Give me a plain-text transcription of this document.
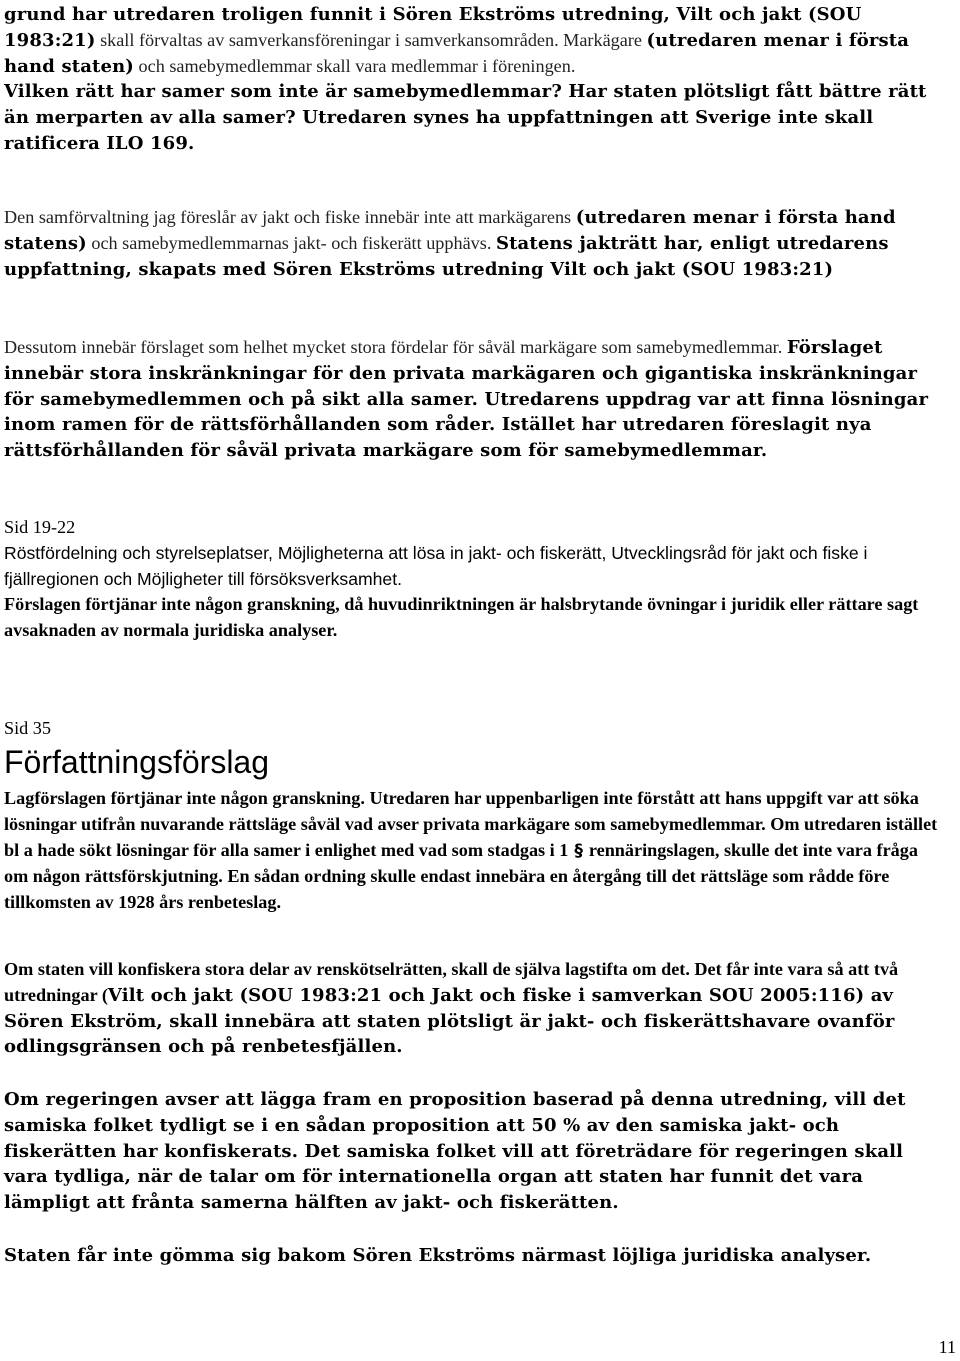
grund har utredaren troligen funnit i Sören Ekströms utredning, Vilt och jakt (SOU 1983:21) skall förvaltas av samverkansföreningar i samverkansområden. Markägare (utredaren menar i första hand staten) och samebymedlemmar skall vara medlemmar i föreningen.
Vilken rätt har samer som inte är samebymedlemmar? Har staten plötsligt fått bättre rätt än merparten av alla samer? Utredaren synes ha uppfattningen att Sverige inte skall ratificera ILO 169.

Den samförvaltning jag föreslår av jakt och fiske innebär inte att markägarens (utredaren menar i första hand statens) och samebymedlemmarnas jakt- och fiskerätt upphävs. Statens jakträtt har, enligt utredarens uppfattning, skapats med Sören Ekströms utredning Vilt och jakt (SOU 1983:21)

Dessutom innebär förslaget som helhet mycket stora fördelar för såväl markägare som samebymedlemmar. Förslaget innebär stora inskränkningar för den privata markägaren och gigantiska inskränkningar för samebymedlemmen och på sikt alla samer. Utredarens uppdrag var att finna lösningar inom ramen för de rättsförhållanden som råder. Istället har utredaren föreslagit nya rättsförhållanden för såväl privata markägare som för samebymedlemmar.

Sid 19-22

Röstfördelning och styrelseplatser, Möjligheterna att lösa in jakt- och fiskerätt, Utvecklingsråd för jakt och fiske i fjällregionen och Möjligheter till försöksverksamhet.

Förslagen förtjänar inte någon granskning, då huvudinriktningen är halsbrytande övningar i juridik eller rättare sagt avsaknaden av normala juridiska analyser.

Sid 35

Författningsförslag

Lagförslagen förtjänar inte någon granskning. Utredaren har uppenbarligen inte förstått att hans uppgift var att söka lösningar utifrån nuvarande rättsläge såväl vad avser privata markägare som samebymedlemmar. Om utredaren istället bl a hade sökt lösningar för alla samer i enlighet med vad som stadgas i 1 § rennäringslagen, skulle det inte vara fråga om någon rättsförskjutning. En sådan ordning skulle endast innebära en återgång till det rättsläge som rådde före tillkomsten av 1928 års renbeteslag.

Om staten vill konfiskera stora delar av renskötselrätten, skall de själva lagstifta om det. Det får inte vara så att två utredningar (Vilt och jakt (SOU 1983:21 och Jakt och fiske i samverkan SOU 2005:116) av Sören Ekström, skall innebära att staten plötsligt är jakt- och fiskerättshavare ovanför odlingsgränsen och på renbetesfjällen.

Om regeringen avser att lägga fram en proposition baserad på denna utredning, vill det samiska folket tydligt se i en sådan proposition att 50 % av den samiska jakt- och fiskerätten har konfiskerats. Det samiska folket vill att företrädare för regeringen skall vara tydliga, när de talar om för internationella organ att staten har funnit det vara lämpligt att frånta samerna hälften av jakt- och fiskerätten.

Staten får inte gömma sig bakom Sören Ekströms närmast löjliga juridiska analyser.

11
